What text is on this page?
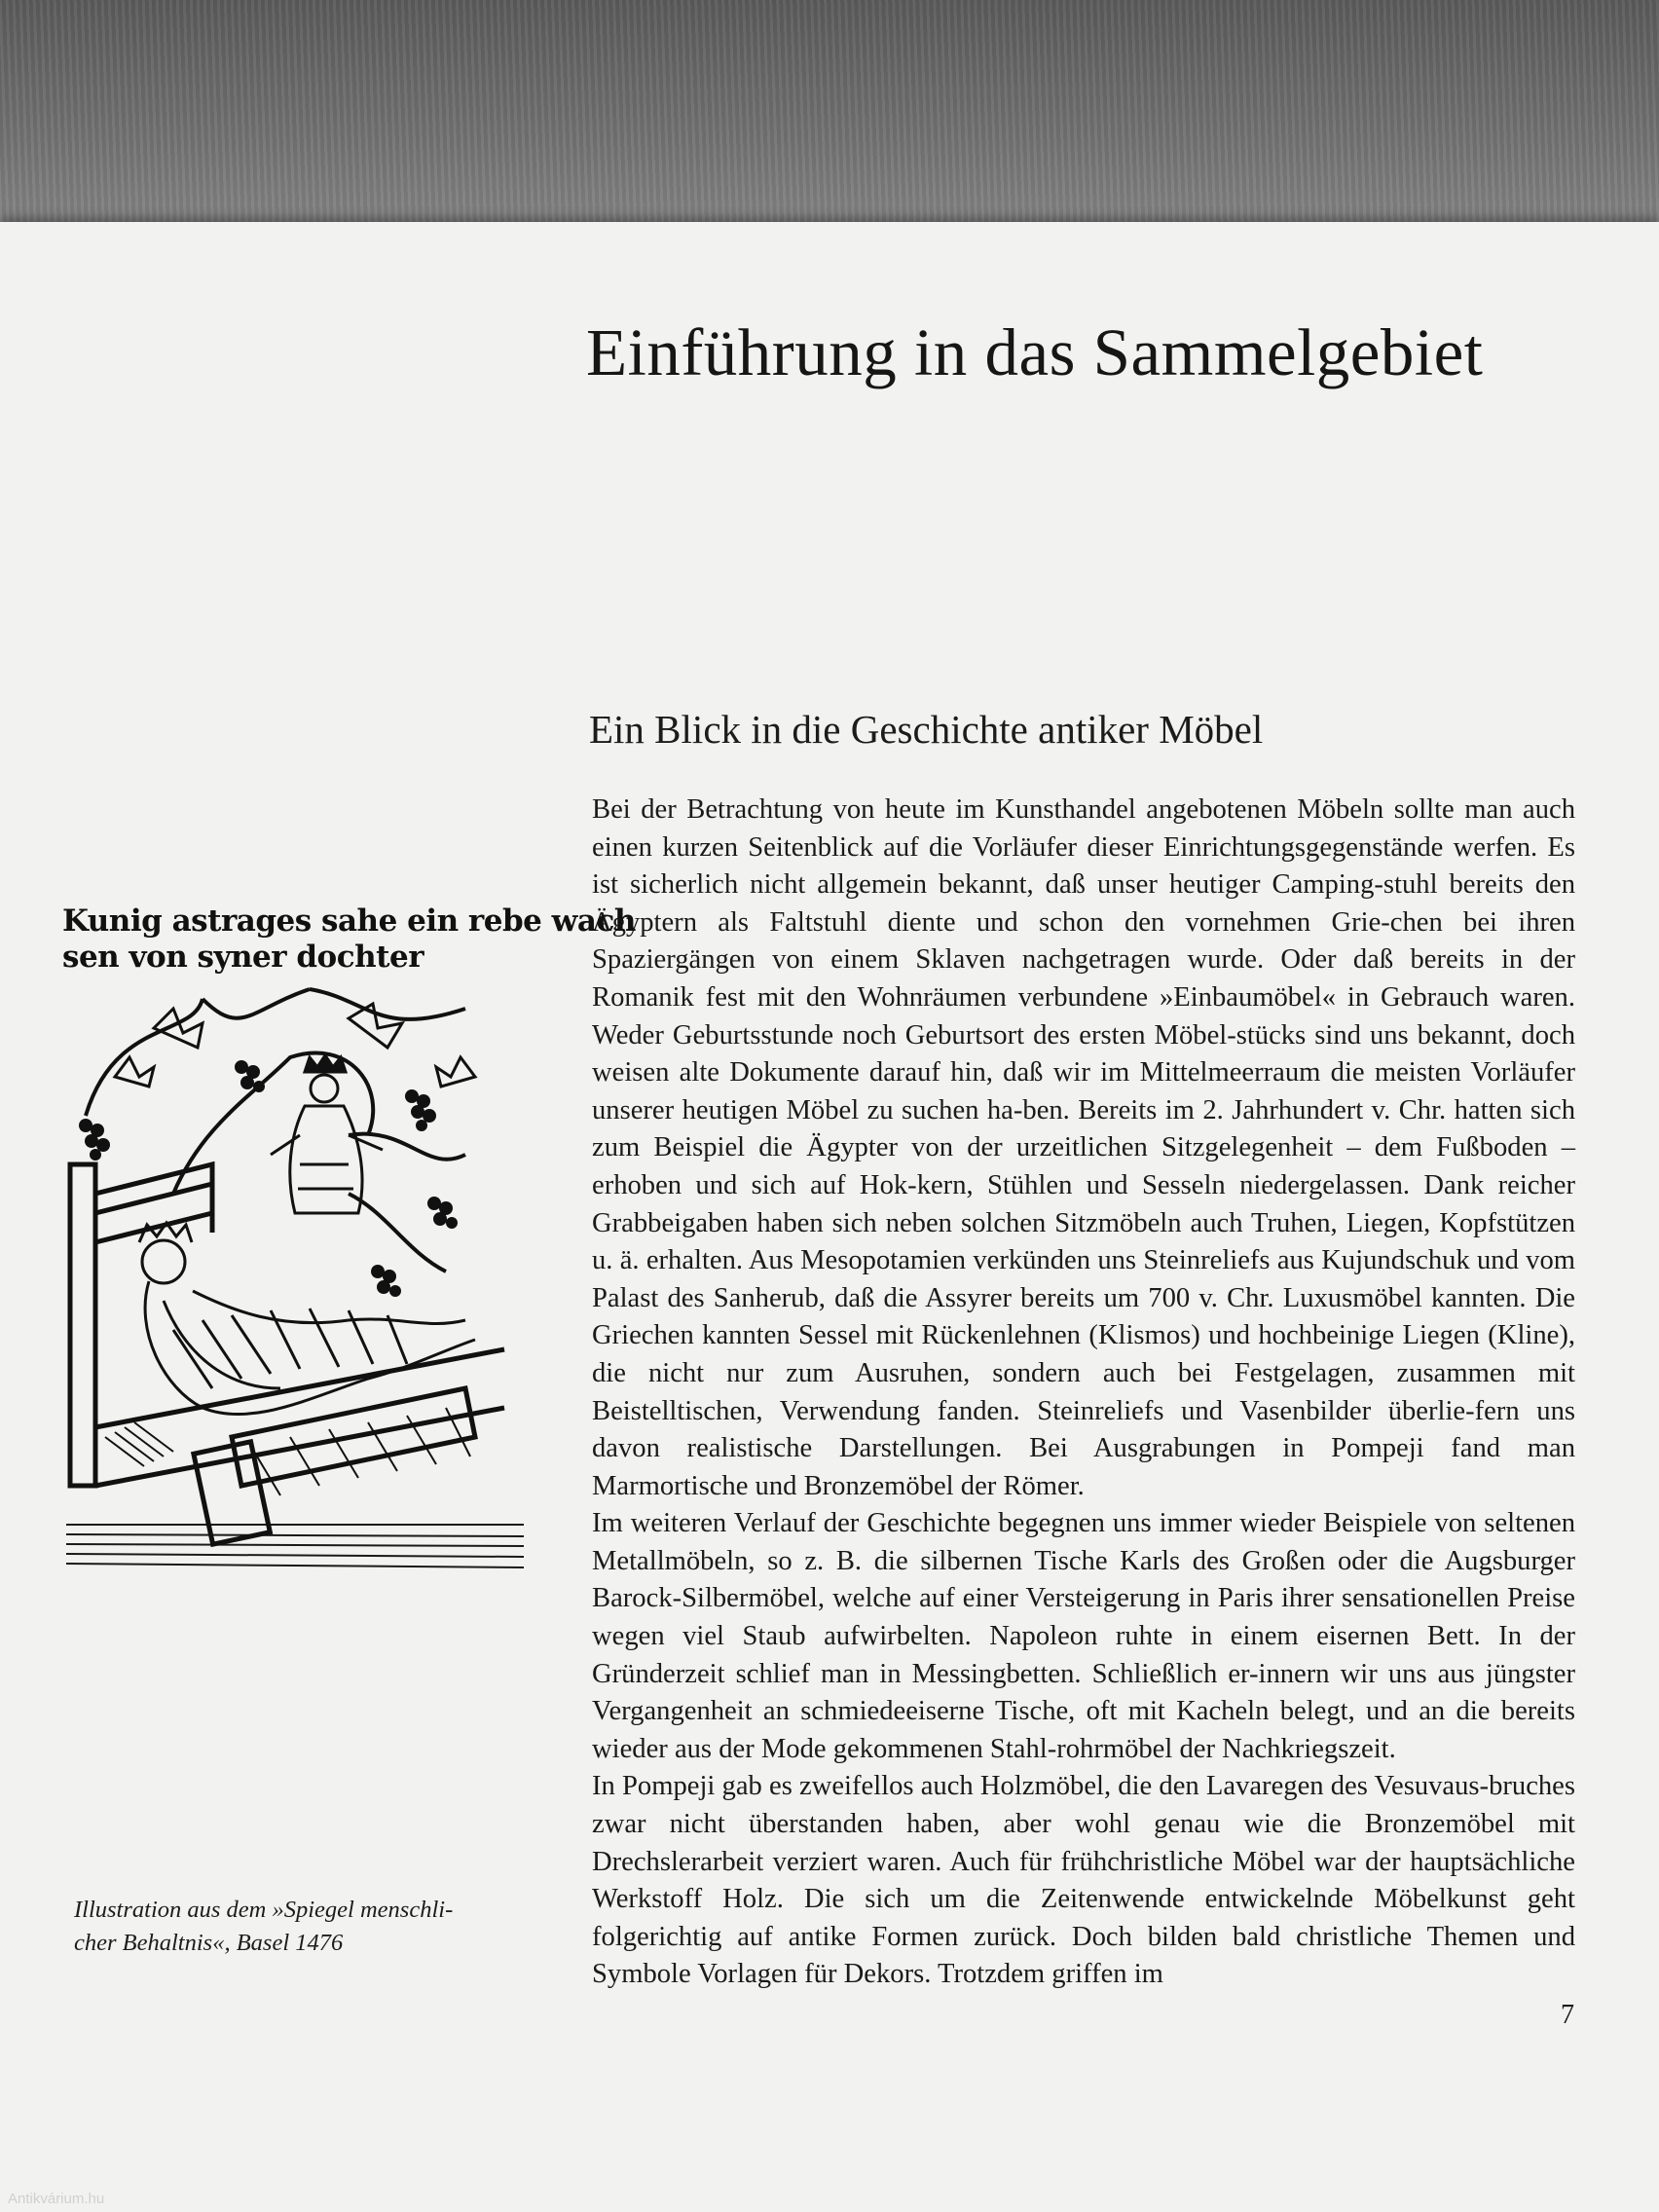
Einführung in das Sammelgebiet
Ein Blick in die Geschichte antiker Möbel

Bei der Betrachtung von heute im Kunsthandel angebotenen Möbeln sollte man auch einen kurzen Seitenblick auf die Vorläufer dieser Einrichtungsgegenstände werfen. Es ist sicherlich nicht allgemein bekannt, daß unser heutiger Camping-stuhl bereits den Ägyptern als Faltstuhl diente und schon den vornehmen Grie-chen bei ihren Spaziergängen von einem Sklaven nachgetragen wurde. Oder daß bereits in der Romanik fest mit den Wohnräumen verbundene »Einbaumöbel« in Gebrauch waren. Weder Geburtsstunde noch Geburtsort des ersten Möbel-stücks sind uns bekannt, doch weisen alte Dokumente darauf hin, daß wir im Mittelmeerraum die meisten Vorläufer unserer heutigen Möbel zu suchen ha-ben. Bereits im 2. Jahrhundert v. Chr. hatten sich zum Beispiel die Ägypter von der urzeitlichen Sitzgelegenheit – dem Fußboden – erhoben und sich auf Hok-kern, Stühlen und Sesseln niedergelassen. Dank reicher Grabbeigaben haben sich neben solchen Sitzmöbeln auch Truhen, Liegen, Kopfstützen u. ä. erhalten. Aus Mesopotamien verkünden uns Steinreliefs aus Kujundschuk und vom Palast des Sanherub, daß die Assyrer bereits um 700 v. Chr. Luxusmöbel kannten. Die Griechen kannten Sessel mit Rückenlehnen (Klismos) und hochbeinige Liegen (Kline), die nicht nur zum Ausruhen, sondern auch bei Festgelagen, zusammen mit Beistelltischen, Verwendung fanden. Steinreliefs und Vasenbilder überlie-fern uns davon realistische Darstellungen. Bei Ausgrabungen in Pompeji fand man Marmortische und Bronzemöbel der Römer.

Im weiteren Verlauf der Geschichte begegnen uns immer wieder Beispiele von seltenen Metallmöbeln, so z. B. die silbernen Tische Karls des Großen oder die Augsburger Barock-Silbermöbel, welche auf einer Versteigerung in Paris ihrer sensationellen Preise wegen viel Staub aufwirbelten. Napoleon ruhte in einem eisernen Bett. In der Gründerzeit schlief man in Messingbetten. Schließlich er-innern wir uns aus jüngster Vergangenheit an schmiedeeiserne Tische, oft mit Kacheln belegt, und an die bereits wieder aus der Mode gekommenen Stahl-rohrmöbel der Nachkriegszeit.

In Pompeji gab es zweifellos auch Holzmöbel, die den Lavaregen des Vesuvaus-bruches zwar nicht überstanden haben, aber wohl genau wie die Bronzemöbel mit Drechslerarbeit verziert waren. Auch für frühchristliche Möbel war der hauptsächliche Werkstoff Holz. Die sich um die Zeitenwende entwickelnde Möbelkunst geht folgerichtig auf antike Formen zurück. Doch bilden bald christliche Themen und Symbole Vorlagen für Dekors. Trotzdem griffen im

Kunig astrages sahe ein rebe wach
sen von syner dochter
Illustration aus dem »Spiegel menschli-
cher Behaltnis«, Basel 1476
7
Antikvárium.hu
